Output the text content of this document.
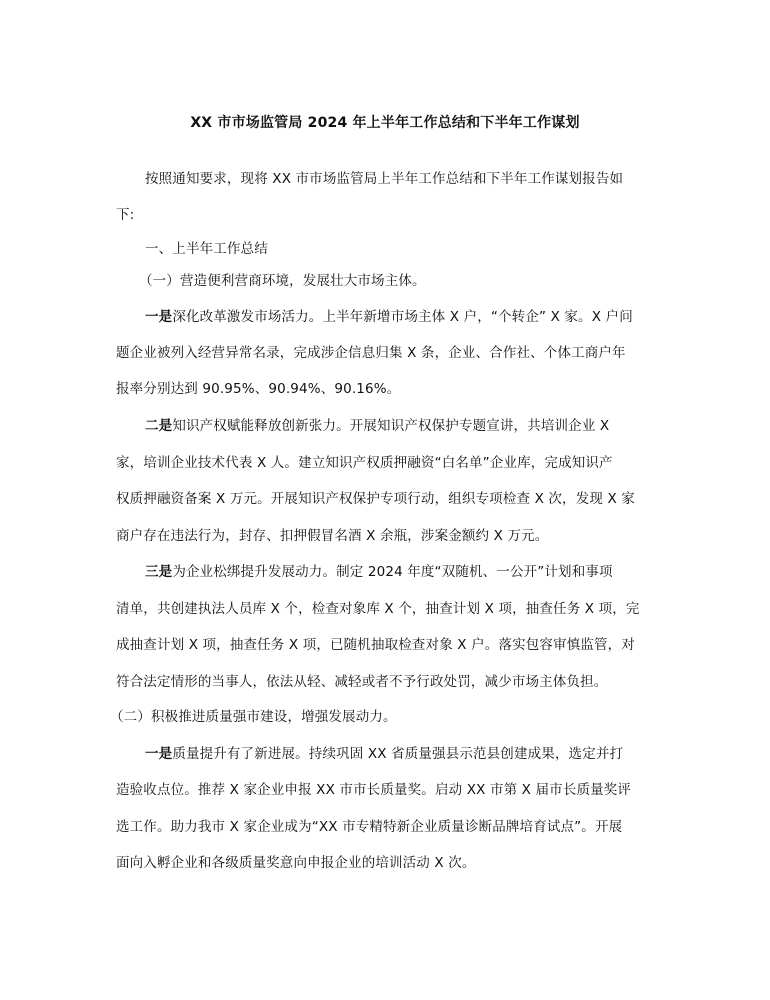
XX 市市场监管局 2024 年上半年工作总结和下半年工作谋划
按照通知要求，现将 XX 市市场监管局上半年工作总结和下半年工作谋划报告如
下:
一、上半年工作总结
（一）营造便利营商环境，发展壮大市场主体。
一是深化改革激发市场活力。上半年新增市场主体 X 户，“个转企” X 家。X 户问
题企业被列入经营异常名录，完成涉企信息归集 X 条，企业、合作社、个体工商户年
报率分别达到 90.95%、90.94%、90.16%。
二是知识产权赋能释放创新张力。开展知识产权保护专题宣讲，共培训企业 X
家，培训企业技术代表 X 人。建立知识产权质押融资“白名单”企业库，完成知识产
权质押融资备案 X 万元。开展知识产权保护专项行动，组织专项检查 X 次，发现 X 家
商户存在违法行为，封存、扣押假冒名酒 X 余瓶，涉案金额约 X 万元。
三是为企业松绑提升发展动力。制定 2024 年度“双随机、一公开”计划和事项
清单，共创建执法人员库 X 个，检查对象库 X 个，抽查计划 X 项，抽查任务 X 项，完
成抽查计划 X 项，抽查任务 X 项，已随机抽取检查对象 X 户。落实包容审慎监管，对
符合法定情形的当事人，依法从轻、减轻或者不予行政处罚，减少市场主体负担。
（二）积极推进质量强市建设，增强发展动力。
一是质量提升有了新进展。持续巩固 XX 省质量强县示范县创建成果，选定并打
造验收点位。推荐 X 家企业申报 XX 市市长质量奖。启动 XX 市第 X 届市长质量奖评
选工作。助力我市 X 家企业成为“XX 市专精特新企业质量诊断品牌培育试点”。开展
面向入孵企业和各级质量奖意向申报企业的培训活动 X 次。
